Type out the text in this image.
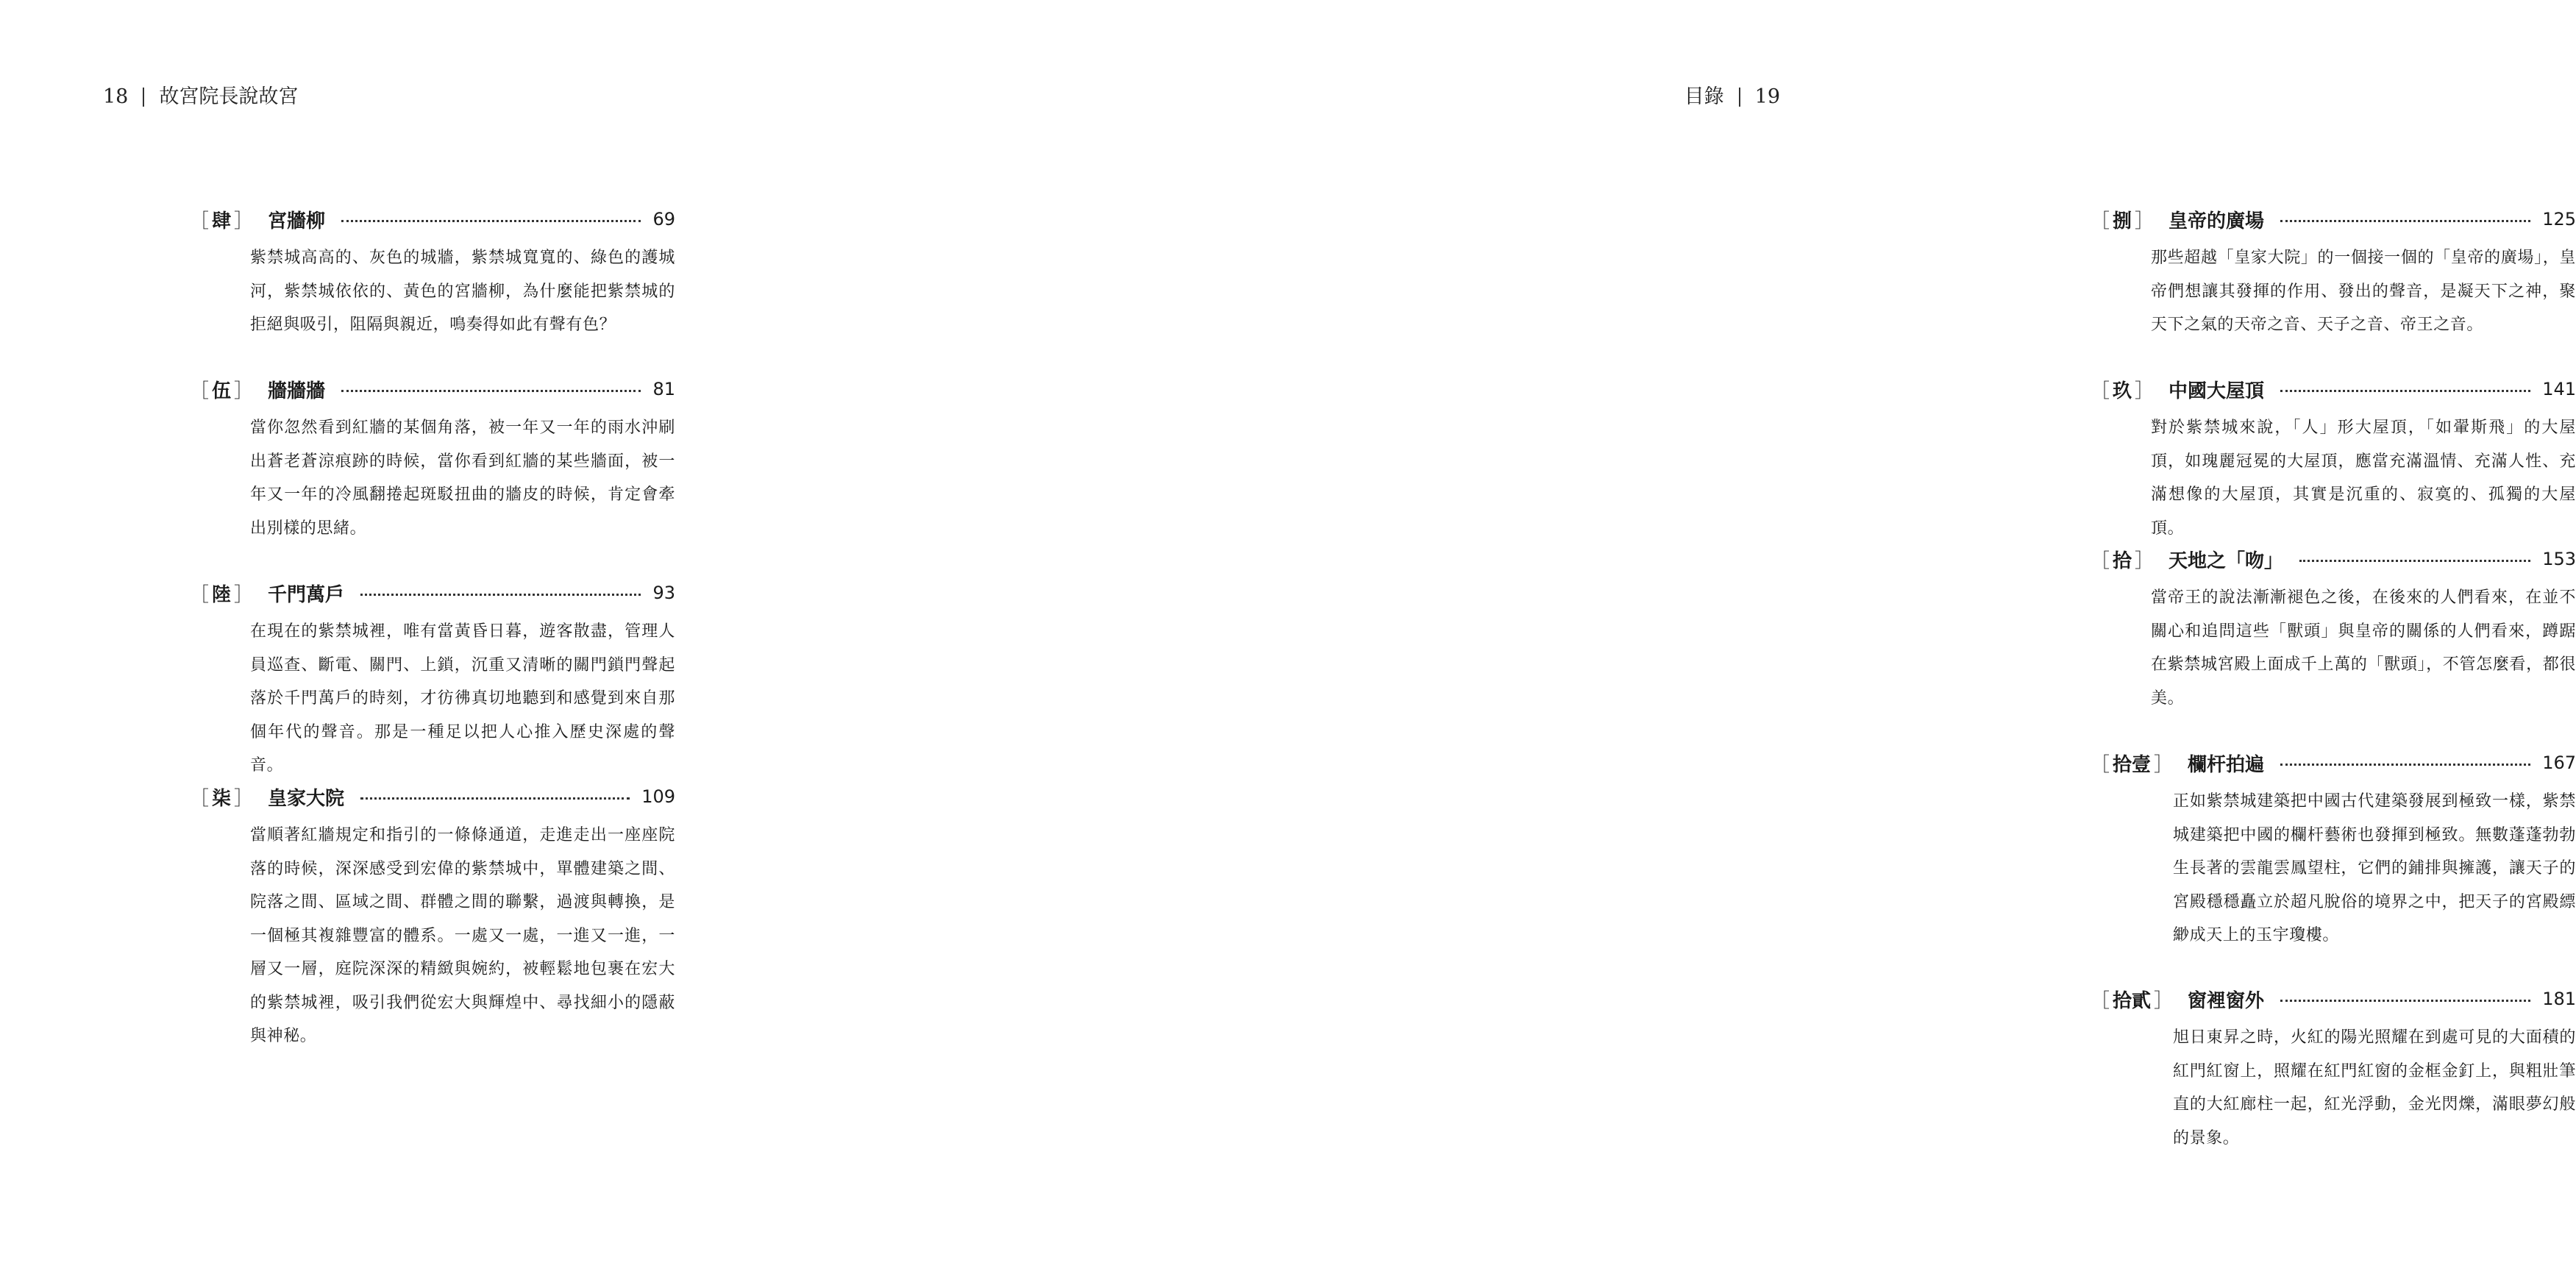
18 故宮院長說故宮
［ 肆 ］ 宮牆柳	69
紫禁城高高的、灰色的城牆，紫禁城寬寬的、綠色的護城河，紫禁城依依的、黃色的宮牆柳，為什麼能把紫禁城的拒絕與吸引，阻隔與親近，鳴奏得如此有聲有色？
［ 伍 ］ 牆牆牆	81
當你忽然看到紅牆的某個角落，被一年又一年的雨水沖刷出蒼老蒼涼痕跡的時候，當你看到紅牆的某些牆面，被一年又一年的冷風翻捲起斑駁扭曲的牆皮的時候，肯定會牽出別樣的思緒。
［ 陸 ］ 千門萬戶	93
在現在的紫禁城裡，唯有當黃昏日暮，遊客散盡，管理人員巡查、斷電、關門、上鎖，沉重又清晰的關門鎖門聲起落於千門萬戶的時刻，才彷彿真切地聽到和感覺到來自那個年代的聲音。那是一種足以把人心推入歷史深處的聲音。
［ 柒 ］ 皇家大院	109
當順著紅牆規定和指引的一條條通道，走進走出一座座院落的時候，深深感受到宏偉的紫禁城中，單體建築之間、院落之間、區域之間、群體之間的聯繫，過渡與轉換，是一個極其複雜豐富的體系。一處又一處，一進又一進，一層又一層，庭院深深的精緻與婉約，被輕鬆地包裹在宏大的紫禁城裡，吸引我們從宏大與輝煌中、尋找細小的隱蔽與神秘。
目錄 19
［ 捌 ］ 皇帝的廣場	125
那些超越「皇家大院」的一個接一個的「皇帝的廣場」，皇帝們想讓其發揮的作用、發出的聲音，是凝天下之神，聚天下之氣的天帝之音、天子之音、帝王之音。
［ 玖 ］ 中國大屋頂	141
對於紫禁城來說，「人」形大屋頂，「如翬斯飛」的大屋頂，如瑰麗冠冕的大屋頂，應當充滿溫情、充滿人性、充滿想像的大屋頂，其實是沉重的、寂寞的、孤獨的大屋頂。
［ 拾 ］ 天地之「吻」	153
當帝王的說法漸漸褪色之後，在後來的人們看來，在並不關心和追問這些「獸頭」與皇帝的關係的人們看來，蹲踞在紫禁城宮殿上面成千上萬的「獸頭」，不管怎麼看，都很美。
［ 拾壹 ］ 欄杆拍遍	167
正如紫禁城建築把中國古代建築發展到極致一樣，紫禁城建築把中國的欄杆藝術也發揮到極致。無數蓬蓬勃勃生長著的雲龍雲鳳望柱，它們的鋪排與擁護，讓天子的宮殿穩穩矗立於超凡脫俗的境界之中，把天子的宮殿縹緲成天上的玉宇瓊樓。
［ 拾貳 ］ 窗裡窗外	181
旭日東昇之時，火紅的陽光照耀在到處可見的大面積的紅門紅窗上，照耀在紅門紅窗的金框金釘上，與粗壯筆直的大紅廊柱一起，紅光浮動，金光閃爍，滿眼夢幻般的景象。
